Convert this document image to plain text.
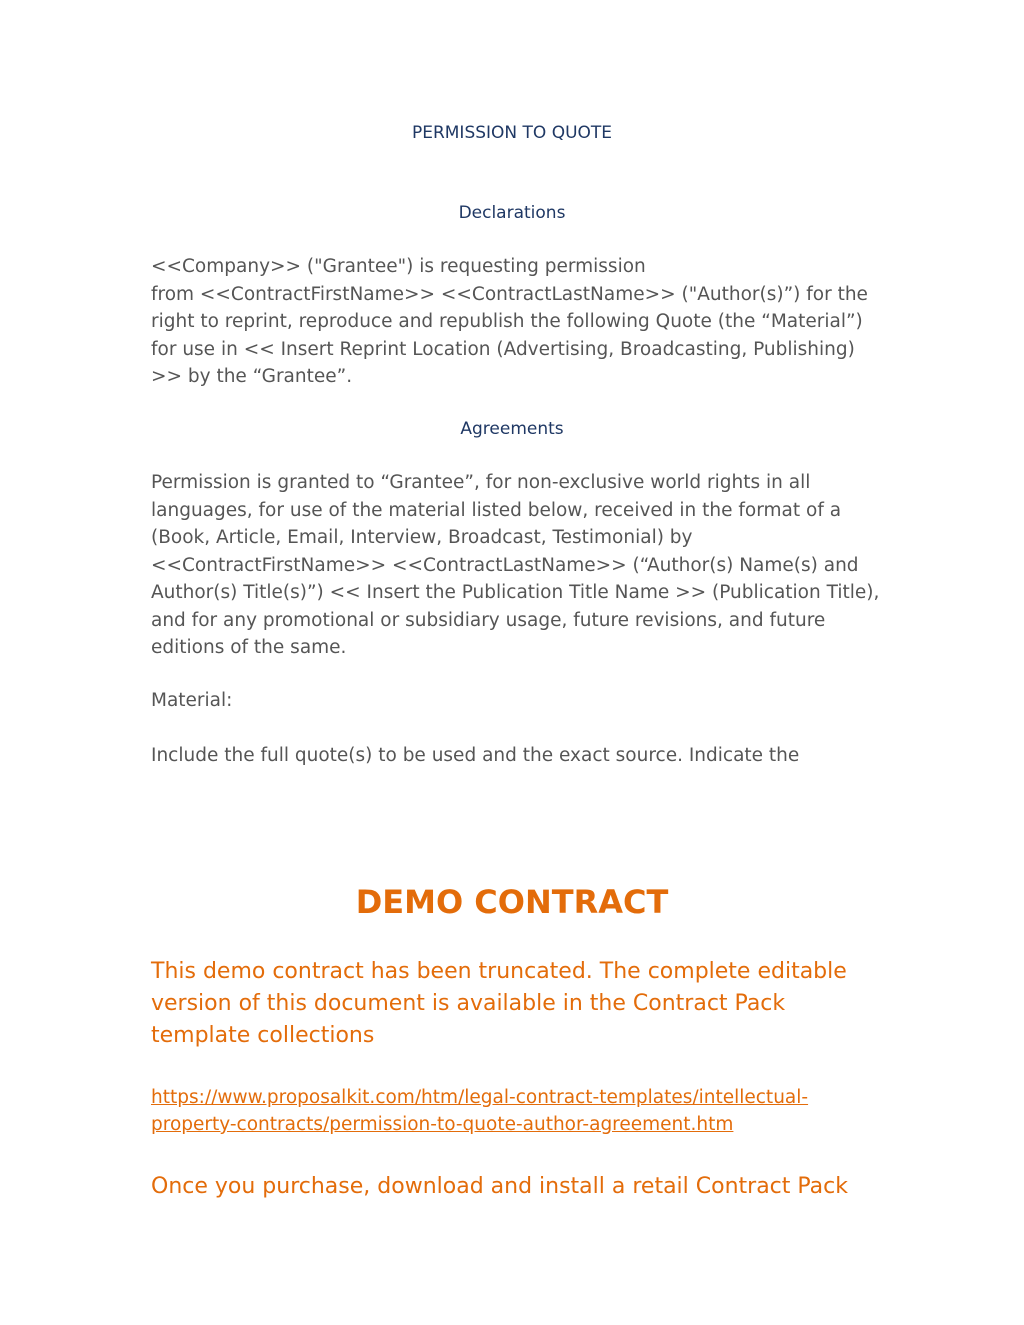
PERMISSION TO QUOTE

Declarations

<<Company>> ("Grantee") is requesting permission
from <<ContractFirstName>> <<ContractLastName>> ("Author(s)”) for the
right to reprint, reproduce and republish the following Quote (the “Material”)
for use in << Insert Reprint Location (Advertising, Broadcasting, Publishing)
>> by the “Grantee”.

Agreements

Permission is granted to “Grantee”, for non-exclusive world rights in all
languages, for use of the material listed below, received in the format of a
(Book, Article, Email, Interview, Broadcast, Testimonial) by
<<ContractFirstName>> <<ContractLastName>> (“Author(s) Name(s) and
Author(s) Title(s)”) << Insert the Publication Title Name >> (Publication Title),
and for any promotional or subsidiary usage, future revisions, and future
editions of the same.

Material:

Include the full quote(s) to be used and the exact source. Indicate the

DEMO CONTRACT

This demo contract has been truncated. The complete editable
version of this document is available in the Contract Pack
template collections

https://www.proposalkit.com/htm/legal-contract-templates/intellectual-
property-contracts/permission-to-quote-author-agreement.htm

Once you purchase, download and install a retail Contract Pack
